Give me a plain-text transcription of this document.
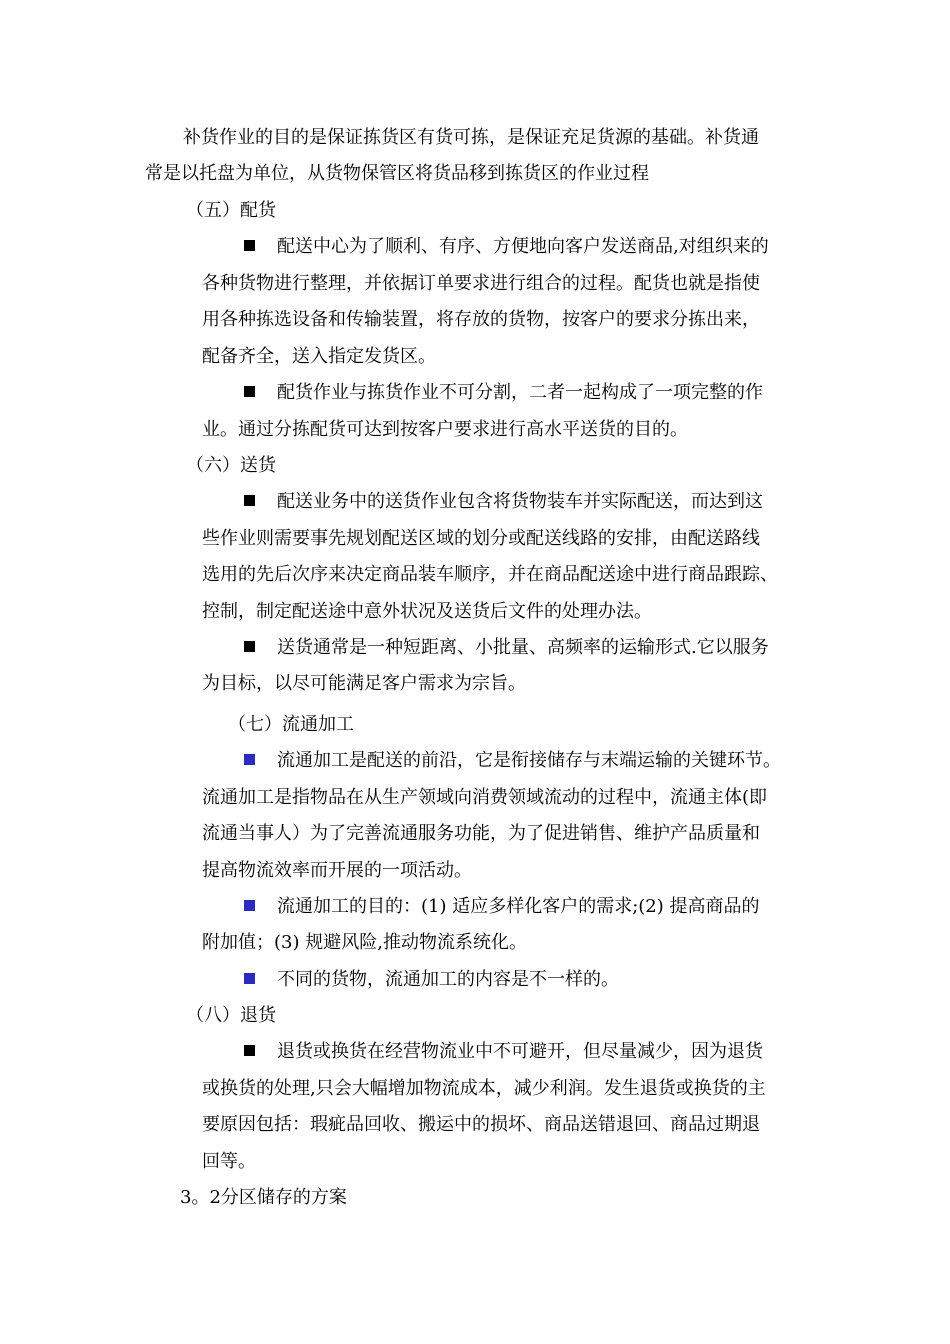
补货作业的目的是保证拣货区有货可拣，是保证充足货源的基础。补货通
常是以托盘为单位，从货物保管区将货品移到拣货区的作业过程
（五）配货
配送中心为了顺利、有序、方便地向客户发送商品,对组织来的
各种货物进行整理，并依据订单要求进行组合的过程。配货也就是指使
用各种拣选设备和传输装置，将存放的货物，按客户的要求分拣出来，
配备齐全，送入指定发货区。
配货作业与拣货作业不可分割，二者一起构成了一项完整的作
业。通过分拣配货可达到按客户要求进行高水平送货的目的。
（六）送货
配送业务中的送货作业包含将货物装车并实际配送，而达到这
些作业则需要事先规划配送区域的划分或配送线路的安排，由配送路线
选用的先后次序来决定商品装车顺序，并在商品配送途中进行商品跟踪、
控制，制定配送途中意外状况及送货后文件的处理办法。
送货通常是一种短距离、小批量、高频率的运输形式.它以服务
为目标，以尽可能满足客户需求为宗旨。
（七）流通加工
流通加工是配送的前沿，它是衔接储存与末端运输的关键环节。
流通加工是指物品在从生产领域向消费领域流动的过程中，流通主体(即
流通当事人）为了完善流通服务功能，为了促进销售、维护产品质量和
提高物流效率而开展的一项活动。
流通加工的目的：(1) 适应多样化客户的需求;(2) 提高商品的
附加值；(3) 规避风险,推动物流系统化。
不同的货物，流通加工的内容是不一样的。
（八）退货
退货或换货在经营物流业中不可避开，但尽量减少，因为退货
或换货的处理,只会大幅增加物流成本，减少利润。发生退货或换货的主
要原因包括：瑕疵品回收、搬运中的损坏、商品送错退回、商品过期退
回等。
3。2分区储存的方案
